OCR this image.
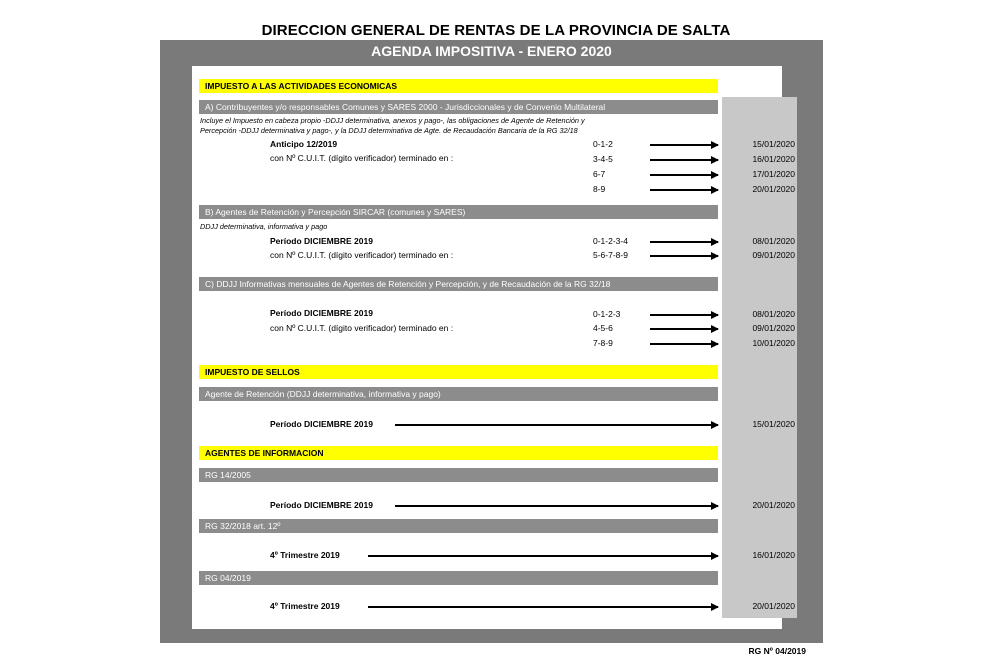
DIRECCION GENERAL DE RENTAS DE LA PROVINCIA DE SALTA
AGENDA IMPOSITIVA - ENERO 2020
IMPUESTO A LAS ACTIVIDADES ECONOMICAS
A) Contribuyentes y/o responsables Comunes y SARES 2000 - Jurisdiccionales y de Convenio Multilateral
Incluye el Impuesto en cabeza propio -DDJJ determinativa, anexos y pago-, las obligaciones de Agente de Retención y
Percepción -DDJJ determinativa y pago-, y la DDJJ determinativa de Agte. de Recaudación Bancaria de la RG 32/18
Anticipo 12/2019
con Nº C.U.I.T. (dígito verificador) terminado en :
0-1-2	15/01/2020
3-4-5	16/01/2020
6-7	17/01/2020
8-9	20/01/2020
B) Agentes de Retención y Percepción SIRCAR (comunes y SARES)
DDJJ determinativa, informativa y pago
Período DICIEMBRE 2019
con Nº C.U.I.T. (dígito verificador) terminado en :
0-1-2-3-4	08/01/2020
5-6-7-8-9	09/01/2020
C) DDJJ Informativas mensuales de Agentes de Retención y Percepción, y de Recaudación de la RG 32/18
Período DICIEMBRE 2019
con Nº C.U.I.T. (dígito verificador) terminado en :
0-1-2-3	08/01/2020
4-5-6	09/01/2020
7-8-9	10/01/2020
IMPUESTO DE SELLOS
Agente de Retención (DDJJ determinativa, informativa y pago)
Período DICIEMBRE 2019	15/01/2020
AGENTES DE INFORMACION
RG 14/2005
Período DICIEMBRE 2019	20/01/2020
RG 32/2018 art. 12º
4º Trimestre 2019	16/01/2020
RG 04/2019
4º Trimestre 2019	20/01/2020
RG Nº 04/2019
